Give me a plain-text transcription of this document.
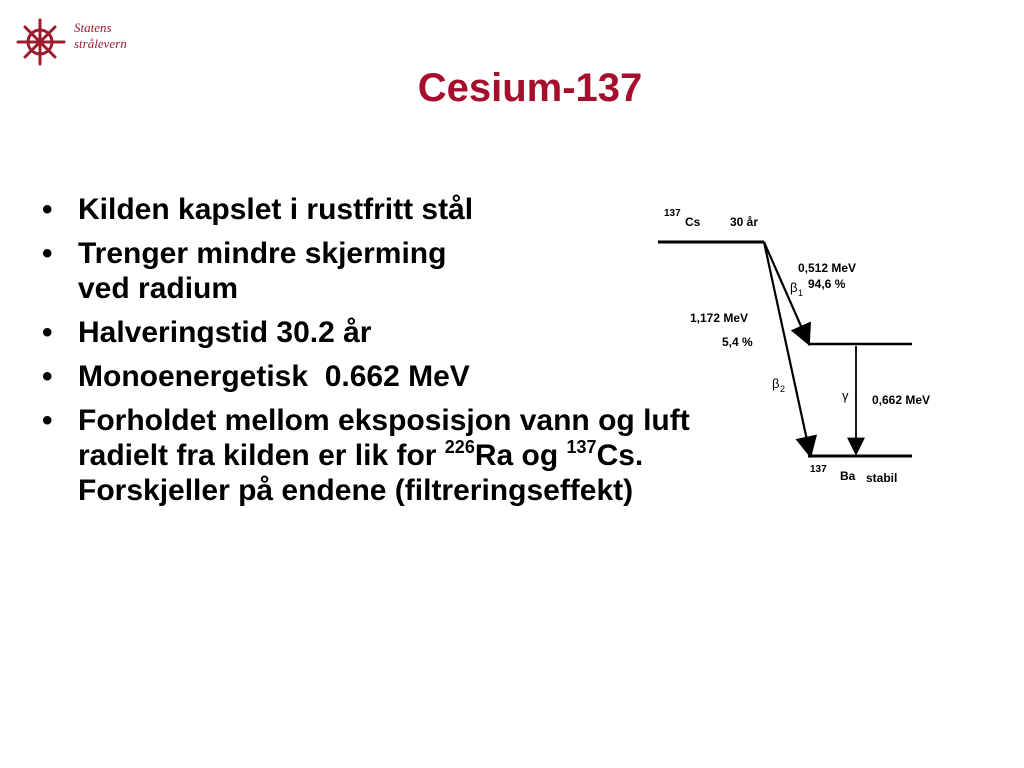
Statens
strålevern
Cesium-137
• Kilden kapslet i rustfritt stål
• Trenger mindre skjerming
ved radium
• Halveringstid 30.2 år
• Monoenergetisk  0.662 MeV
• Forholdet mellom eksposisjon vann og luft radielt fra kilden er lik for $^{226}$Ra og $^{137}$Cs. Forskjeller på endene (filtreringseffekt)
137
Cs 30 år
0,512 MeV
β 1
94,6 %
1,172 MeV
5,4 %
β 2	γ 0,662 MeV
137 Ba stabil
